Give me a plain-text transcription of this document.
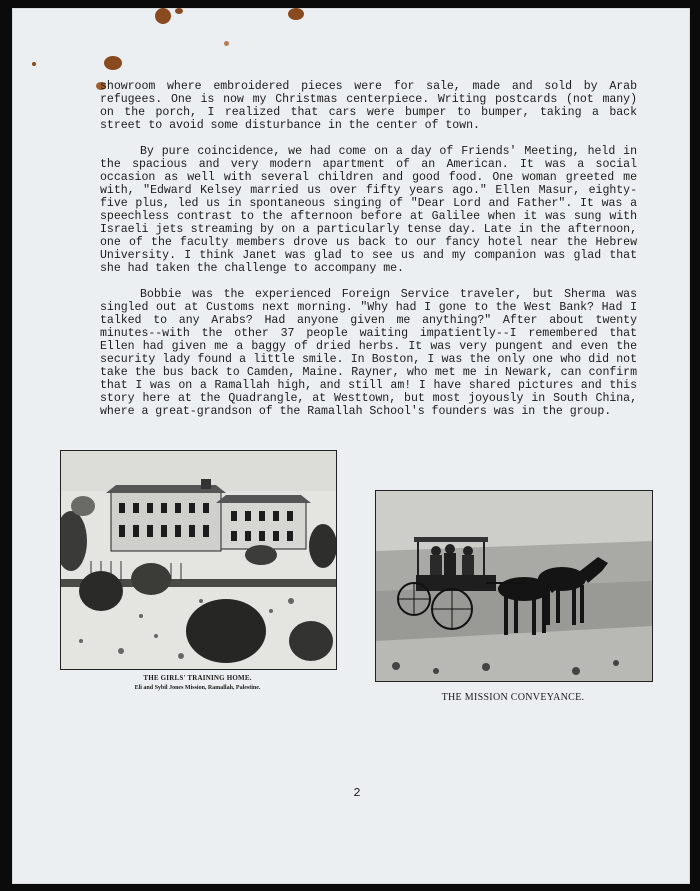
showroom where embroidered pieces were for sale, made and sold by Arab refugees. One is now my Christmas centerpiece. Writing postcards (not many) on the porch, I realized that cars were bumper to bumper, taking a back street to avoid some disturbance in the center of town.

By pure coincidence, we had come on a day of Friends' Meeting, held in the spacious and very modern apartment of an American. It was a social occasion as well with several children and good food. One woman greeted me with, "Edward Kelsey married us over fifty years ago." Ellen Masur, eighty-five plus, led us in spontaneous singing of "Dear Lord and Father". It was a speechless contrast to the afternoon before at Galilee when it was sung with Israeli jets streaming by on a particularly tense day. Late in the afternoon, one of the faculty members drove us back to our fancy hotel near the Hebrew University. I think Janet was glad to see us and my companion was glad that she had taken the challenge to accompany me.

Bobbie was the experienced Foreign Service traveler, but Sherma was singled out at Customs next morning. "Why had I gone to the West Bank? Had I talked to any Arabs? Had anyone given me anything?" After about twenty minutes--with the other 37 people waiting impatiently--I remembered that Ellen had given me a baggy of dried herbs. It was very pungent and even the security lady found a little smile. In Boston, I was the only one who did not take the bus back to Camden, Maine. Rayner, who met me in Newark, can confirm that I was on a Ramallah high, and still am! I have shared pictures and this story here at the Quadrangle, at Westtown, but most joyously in South China, where a great-grandson of the Ramallah School's founders was in the group.

THE GIRLS' TRAINING HOME.
Eli and Sybil Jones Mission, Ramallah, Palestine.
THE MISSION CONVEYANCE.
2
